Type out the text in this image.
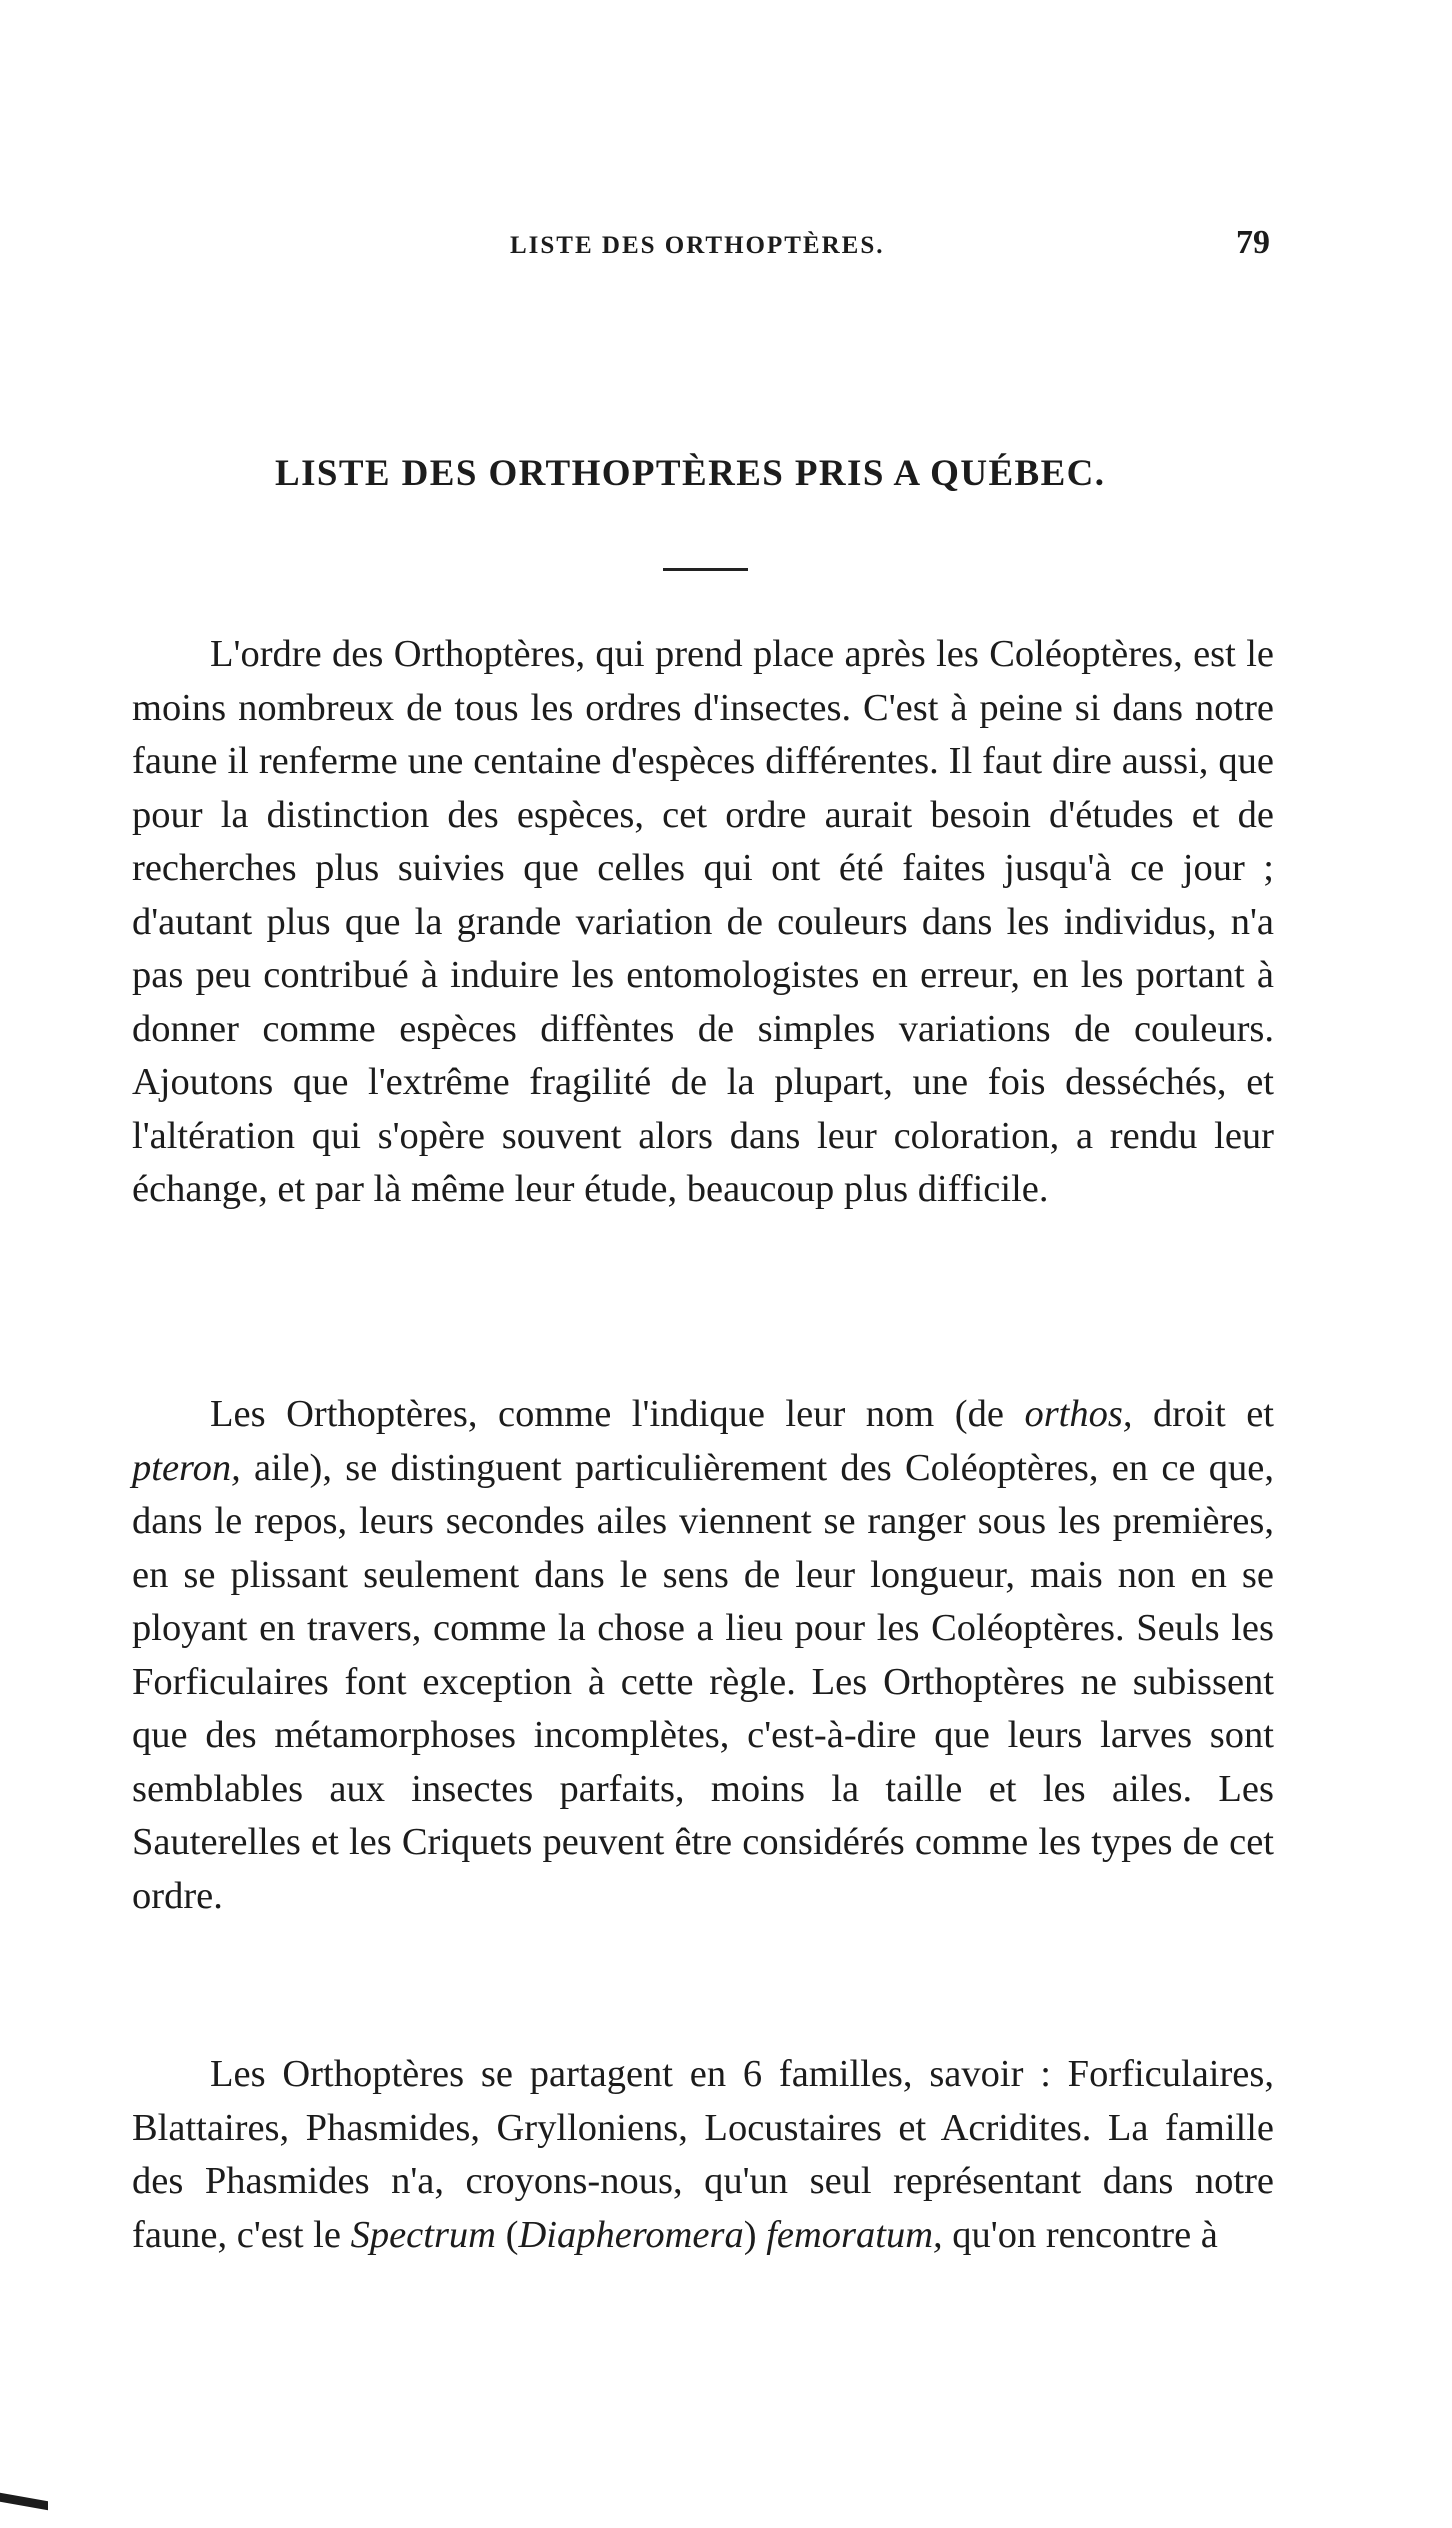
LISTE DES ORTHOPTÈRES.	79
LISTE DES ORTHOPTÈRES PRIS A QUÉBEC.

L'ordre des Orthoptères, qui prend place après les Coléoptères, est le moins nombreux de tous les ordres d'insectes. C'est à peine si dans notre faune il renferme une centaine d'espèces différentes. Il faut dire aussi, que pour la distinction des espèces, cet ordre aurait besoin d'études et de recherches plus suivies que celles qui ont été faites jusqu'à ce jour ; d'autant plus que la grande variation de couleurs dans les individus, n'a pas peu contribué à induire les entomologistes en erreur, en les portant à donner comme espèces diffèntes de simples variations de couleurs. Ajoutons que l'extrême fragilité de la plupart, une fois desséchés, et l'altération qui s'opère souvent alors dans leur coloration, a rendu leur échange, et par là même leur étude, beaucoup plus difficile.

Les Orthoptères, comme l'indique leur nom (de orthos, droit et pteron, aile), se distinguent particulièrement des Coléoptères, en ce que, dans le repos, leurs secondes ailes viennent se ranger sous les premières, en se plissant seulement dans le sens de leur longueur, mais non en se ployant en travers, comme la chose a lieu pour les Coléoptères. Seuls les Forficulaires font exception à cette règle. Les Orthoptères ne subissent que des métamorphoses incomplètes, c'est-à-dire que leurs larves sont semblables aux insectes parfaits, moins la taille et les ailes. Les Sauterelles et les Criquets peuvent être considérés comme les types de cet ordre.

Les Orthoptères se partagent en 6 familles, savoir : Forficulaires, Blattaires, Phasmides, Grylloniens, Locustaires et Acridites. La famille des Phasmides n'a, croyons-nous, qu'un seul représentant dans notre faune, c'est le Spectrum (Diapheromera) femoratum, qu'on rencontre à
